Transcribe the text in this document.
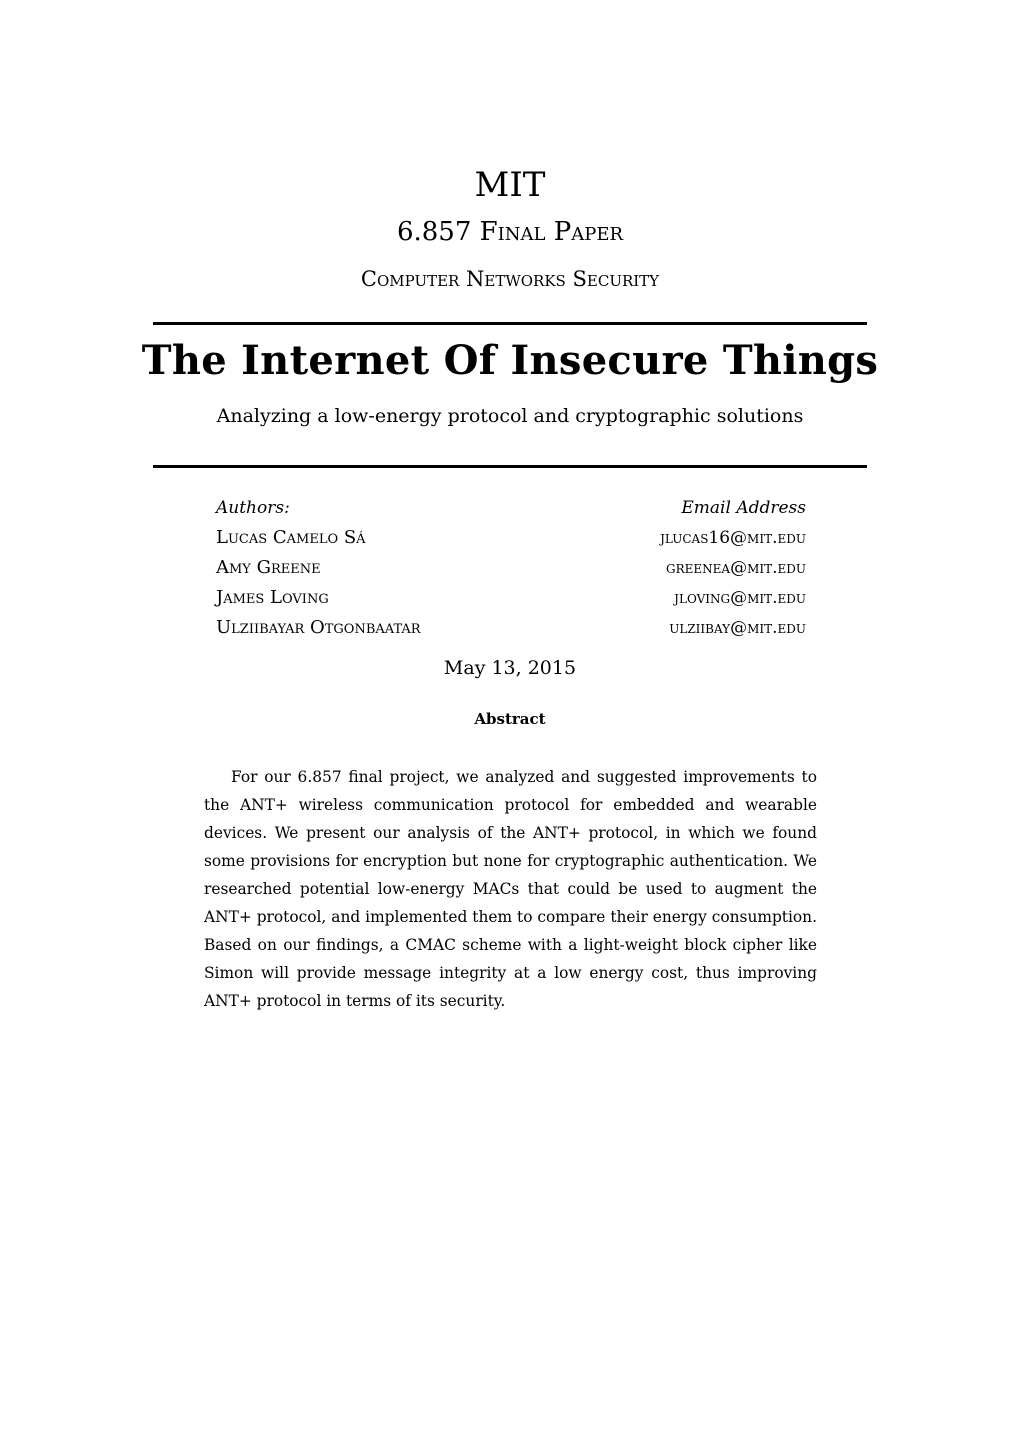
MIT
6.857 Final Paper
Computer Networks Security
The Internet Of Insecure Things
Analyzing a low-energy protocol and cryptographic solutions
Authors:	Email Address
Lucas Camelo Sá	jlucas16@mit.edu
Amy Greene	greenea@mit.edu
James Loving	jloving@mit.edu
Ulziibayar Otgonbaatar	ulziibay@mit.edu
May 13, 2015
Abstract
For our 6.857 final project, we analyzed and suggested improvements to the ANT+ wireless communication protocol for embedded and wearable devices. We present our analysis of the ANT+ protocol, in which we found some provisions for encryption but none for cryptographic authentication. We researched potential low-energy MACs that could be used to augment the ANT+ protocol, and implemented them to compare their energy consumption. Based on our findings, a CMAC scheme with a light-weight block cipher like Simon will provide message integrity at a low energy cost, thus improving ANT+ protocol in terms of its security.
